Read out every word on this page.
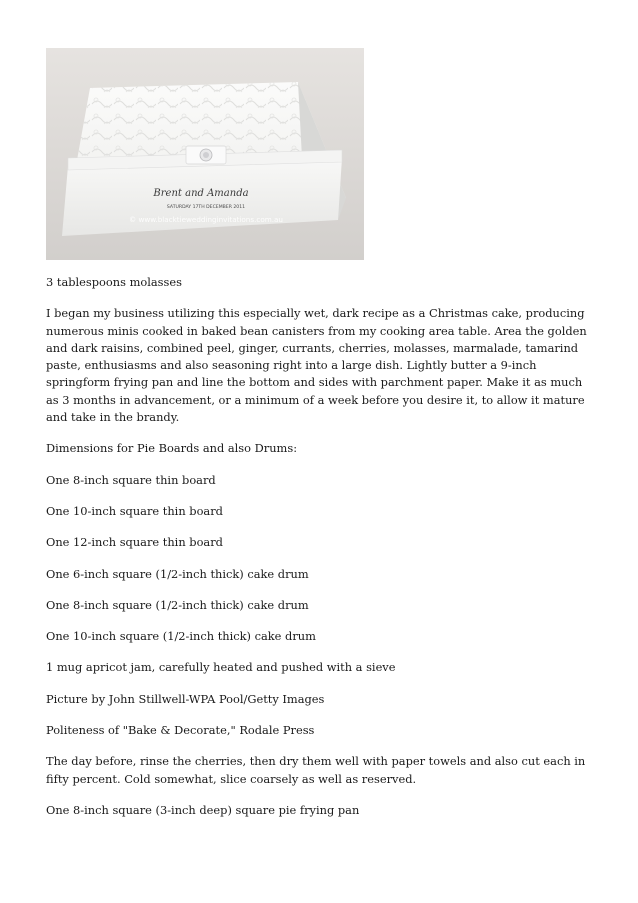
Brent and Amanda
SATURDAY 17TH DECEMBER 2011
© www.blacktieweddinginvitations.com.au

3 tablespoons molasses

I began my business utilizing this especially wet, dark recipe as a Christmas cake, producing numerous minis cooked in baked bean canisters from my cooking area table. Area the golden and dark raisins, combined peel, ginger, currants, cherries, molasses, marmalade, tamarind paste, enthusiasms and also seasoning right into a large dish. Lightly butter a 9-inch springform frying pan and line the bottom and sides with parchment paper. Make it as much as 3 months in advancement, or a minimum of a week before you desire it, to allow it mature and take in the brandy.

Dimensions for Pie Boards and also Drums:

One 8-inch square thin board

One 10-inch square thin board

One 12-inch square thin board

One 6-inch square (1/2-inch thick) cake drum

One 8-inch square (1/2-inch thick) cake drum

One 10-inch square (1/2-inch thick) cake drum

1 mug apricot jam, carefully heated and pushed with a sieve

Picture by John Stillwell-WPA Pool/Getty Images

Politeness of "Bake & Decorate," Rodale Press

The day before, rinse the cherries, then dry them well with paper towels and also cut each in fifty percent. Cold somewhat, slice coarsely as well as reserved.

One 8-inch square (3-inch deep) square pie frying pan
